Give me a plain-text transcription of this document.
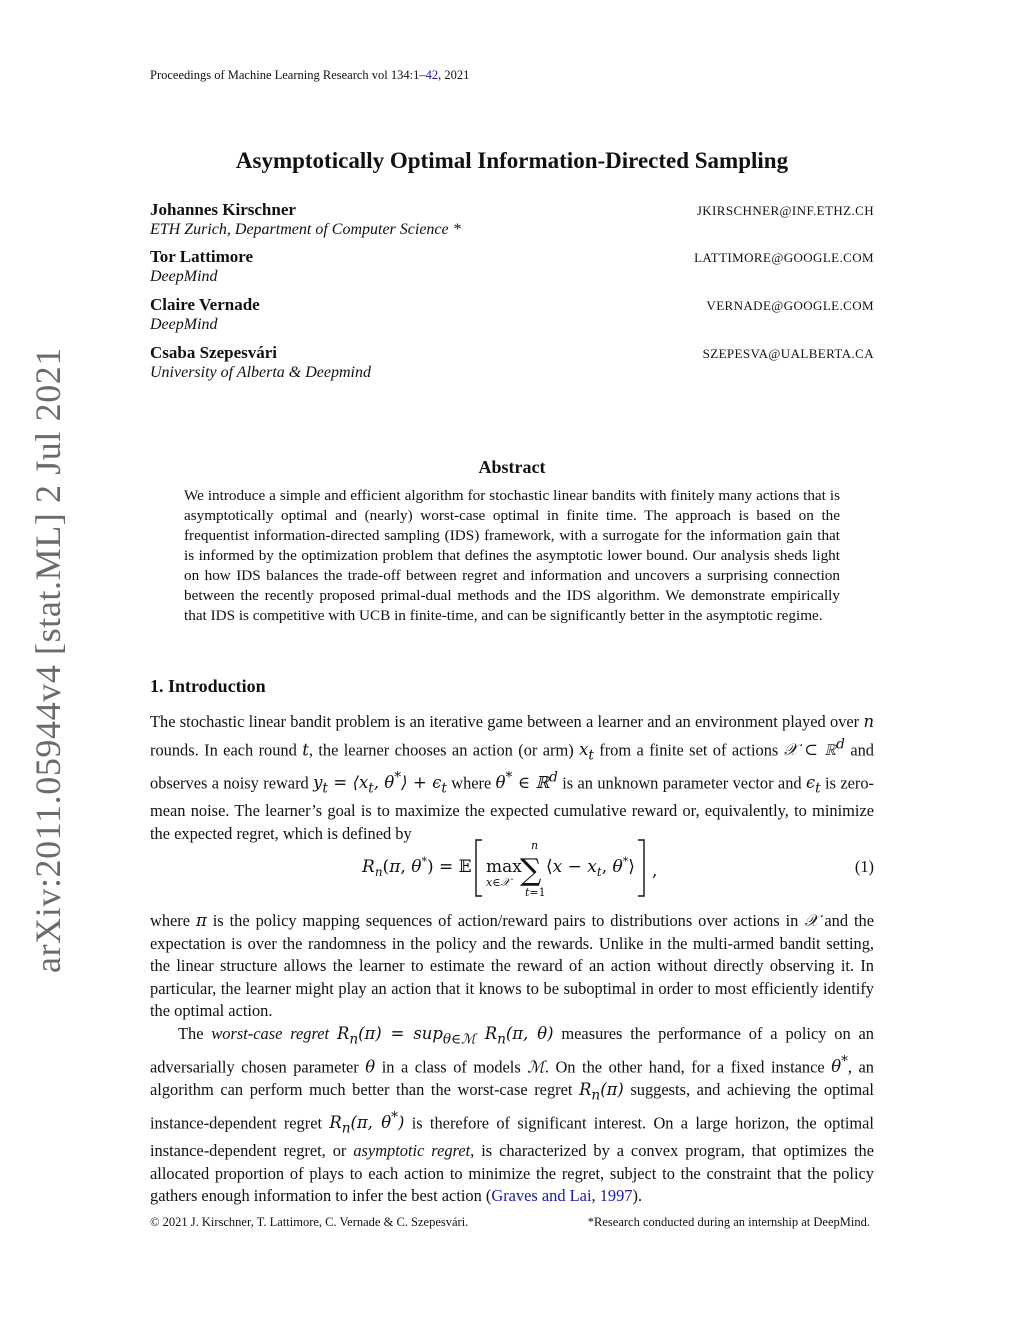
Proceedings of Machine Learning Research vol 134:1–42, 2021
arXiv:2011.05944v4 [stat.ML] 2 Jul 2021
Asymptotically Optimal Information-Directed Sampling
Johannes Kirschner	JKIRSCHNER@INF.ETHZ.CH
ETH Zurich, Department of Computer Science *
Tor Lattimore	LATTIMORE@GOOGLE.COM
DeepMind
Claire Vernade	VERNADE@GOOGLE.COM
DeepMind
Csaba Szepesvári	SZEPESVA@UALBERTA.CA
University of Alberta & Deepmind
Abstract
We introduce a simple and efficient algorithm for stochastic linear bandits with finitely many actions that is asymptotically optimal and (nearly) worst-case optimal in finite time. The approach is based on the frequentist information-directed sampling (IDS) framework, with a surrogate for the information gain that is informed by the optimization problem that defines the asymptotic lower bound. Our analysis sheds light on how IDS balances the trade-off between regret and information and uncovers a surprising connection between the recently proposed primal-dual methods and the IDS algorithm. We demonstrate empirically that IDS is competitive with UCB in finite-time, and can be significantly better in the asymptotic regime.
1. Introduction
The stochastic linear bandit problem is an iterative game between a learner and an environment played over n rounds. In each round t, the learner chooses an action (or arm) $x_t$ from a finite set of actions 𝒳 ⊂ ℝ$^d$ and observes a noisy reward $y_t$ = $⟨x_t$, θ*⟩ + $\epsilon_t$ where θ* ∈ ℝ$^d$ is an unknown parameter vector and $\epsilon_t$ is zero-mean noise. The learner’s goal is to maximize the expected cumulative reward or, equivalently, to minimize the expected regret, which is defined by
$R_n(\pi$, θ*) = 𝔼 max
x∈𝒳 ∑
n
t=1
⟨x − $x_t$, θ*⟩ ,	(1)
where π is the policy mapping sequences of action/reward pairs to distributions over actions in 𝒳 and the expectation is over the randomness in the policy and the rewards. Unlike in the multi-armed bandit setting, the linear structure allows the learner to estimate the reward of an action without directly observing it. In particular, the learner might play an action that it knows to be suboptimal in order to most efficiently identify the optimal action.
The worst-case regret $R_n(\pi) = sup_{\theta\in ℳ}$ $R_n(\pi$, θ) measures the performance of a policy on an adversarially chosen parameter θ in a class of models ℳ. On the other hand, for a fixed instance θ*, an algorithm can perform much better than the worst-case regret $R_n(\pi)$ suggests, and achieving the optimal instance-dependent regret $R_n(\pi$, θ*) is therefore of significant interest. On a large horizon, the optimal instance-dependent regret, or asymptotic regret, is characterized by a convex program, that optimizes the allocated proportion of plays to each action to minimize the regret, subject to the constraint that the policy gathers enough information to infer the best action (Graves and Lai, 1997).
© 2021 J. Kirschner, T. Lattimore, C. Vernade & C. Szepesvári.	*Research conducted during an internship at DeepMind.
